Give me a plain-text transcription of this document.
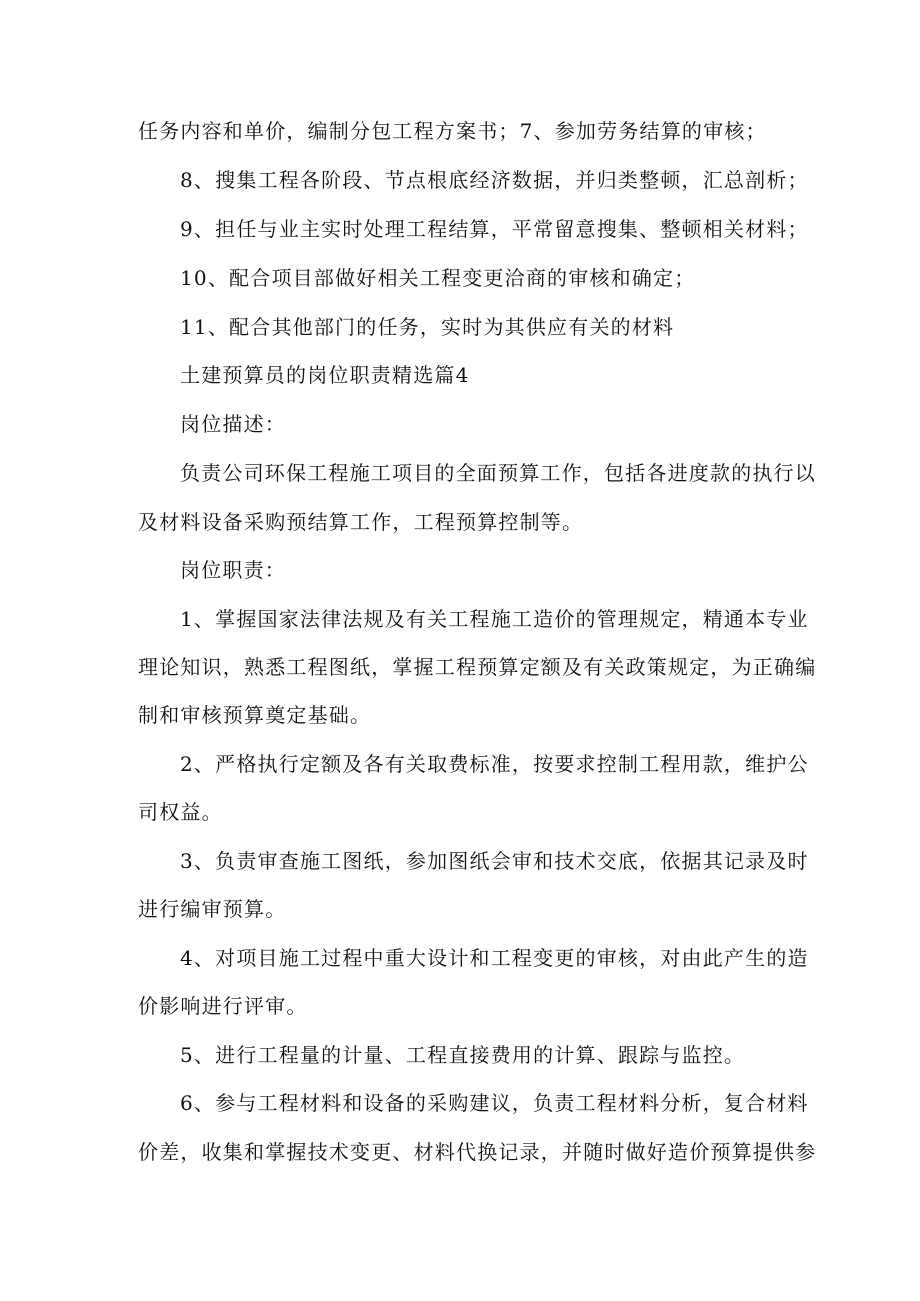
任务内容和单价，编制分包工程方案书；7、参加劳务结算的审核；
8、搜集工程各阶段、节点根底经济数据，并归类整顿，汇总剖析；
9、担任与业主实时处理工程结算，平常留意搜集、整顿相关材料；
10、配合项目部做好相关工程变更洽商的审核和确定；
11、配合其他部门的任务，实时为其供应有关的材料
土建预算员的岗位职责精选篇4
岗位描述：
负责公司环保工程施工项目的全面预算工作，包括各进度款的执行以
及材料设备采购预结算工作，工程预算控制等。
岗位职责：
1、掌握国家法律法规及有关工程施工造价的管理规定，精通本专业
理论知识，熟悉工程图纸，掌握工程预算定额及有关政策规定，为正确编
制和审核预算奠定基础。
2、严格执行定额及各有关取费标准，按要求控制工程用款，维护公
司权益。
3、负责审查施工图纸，参加图纸会审和技术交底，依据其记录及时
进行编审预算。
4、对项目施工过程中重大设计和工程变更的审核，对由此产生的造
价影响进行评审。
5、进行工程量的计量、工程直接费用的计算、跟踪与监控。
6、参与工程材料和设备的采购建议，负责工程材料分析，复合材料
价差，收集和掌握技术变更、材料代换记录，并随时做好造价预算提供参
